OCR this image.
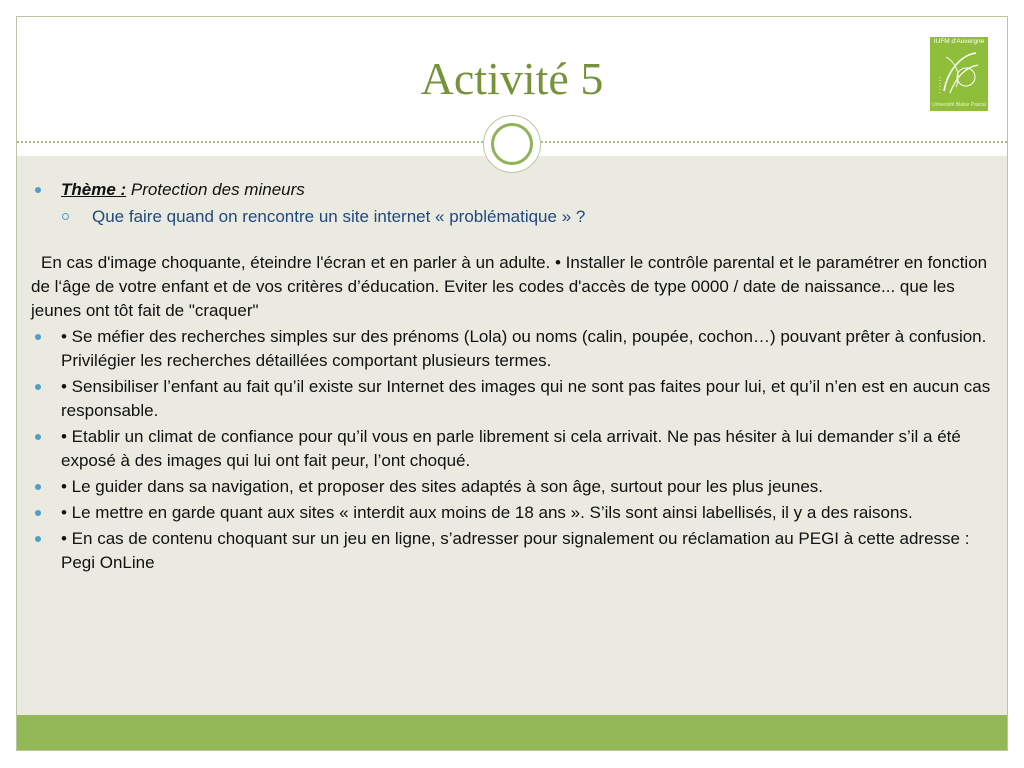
Activité 5
IUFM d'Auvergne
Université Blaise Pascal
Thème : Protection des mineurs
Que faire quand on rencontre un site internet « problématique » ?
En cas d'image choquante, éteindre l'écran et en parler à un adulte. • Installer le contrôle parental et le paramétrer en fonction de l‘âge de votre enfant et de vos critères d’éducation. Eviter les codes d'accès de type 0000 / date de naissance... que les jeunes ont tôt fait de "craquer"
• Se méfier des recherches simples sur des prénoms (Lola) ou noms (calin, poupée, cochon…) pouvant prêter à confusion. Privilégier les recherches détaillées comportant plusieurs termes.
• Sensibiliser l’enfant au fait qu’il existe sur Internet des images qui ne sont pas faites pour lui, et qu’il n’en est en aucun cas responsable.
• Etablir un climat de confiance pour qu’il vous en parle librement si cela arrivait. Ne pas hésiter à lui demander s’il a été exposé à des images qui lui ont fait peur, l’ont choqué.
• Le guider dans sa navigation, et proposer des sites adaptés à son âge, surtout pour les plus jeunes.
• Le mettre en garde quant aux sites « interdit aux moins de 18 ans ». S’ils sont ainsi labellisés, il y a des raisons.
• En cas de contenu choquant sur un jeu en ligne, s’adresser pour signalement ou réclamation au PEGI à cette adresse : Pegi OnLine
